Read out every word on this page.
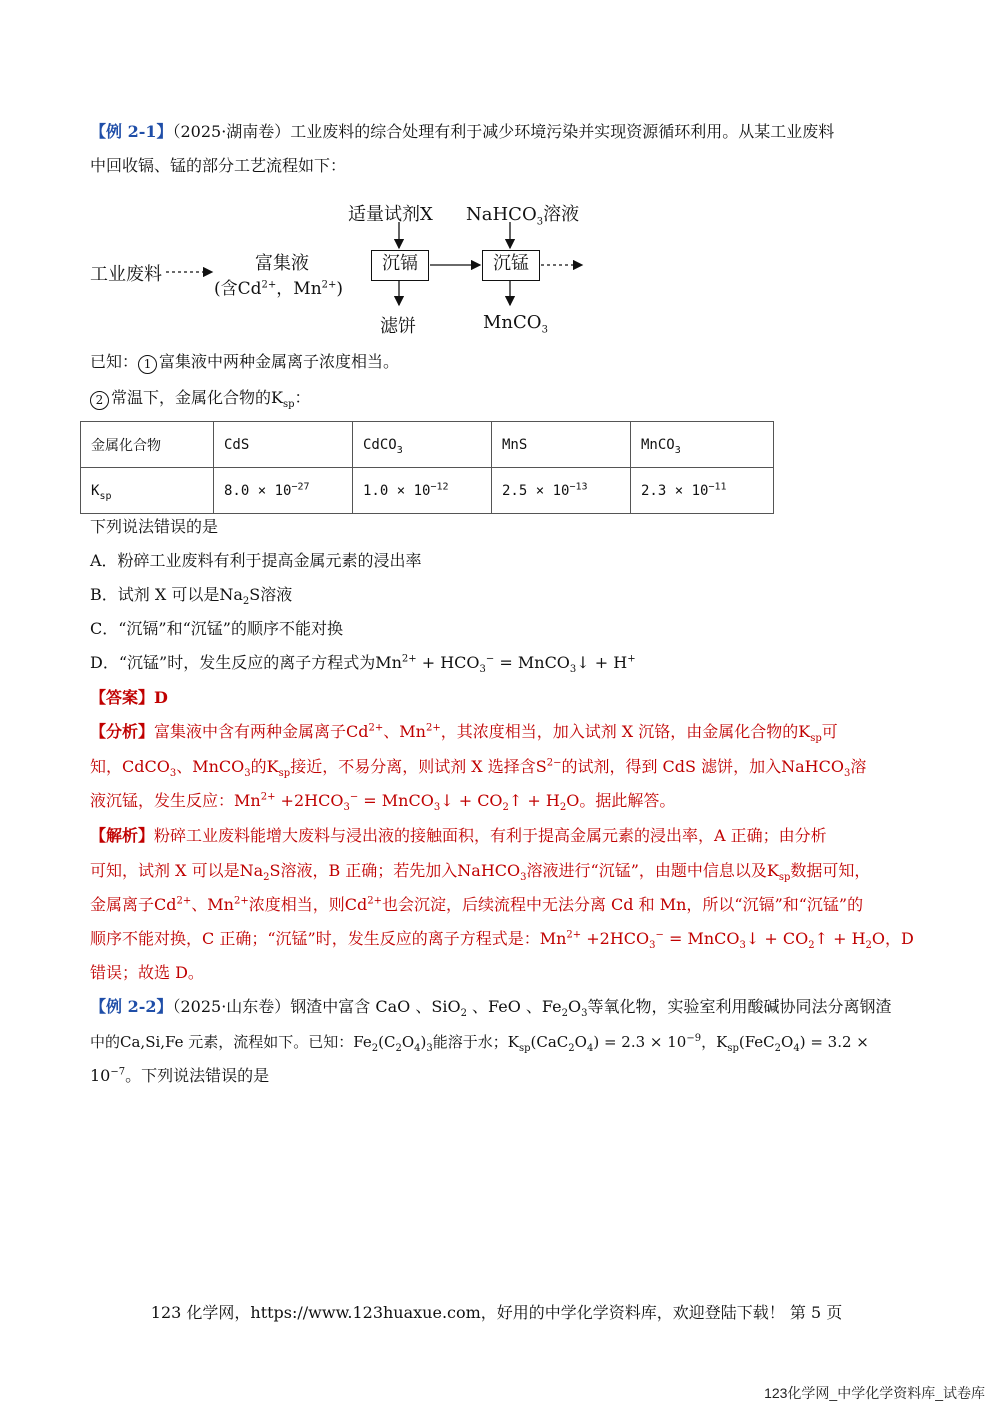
【例 2-1】（2025·湖南卷）工业废料的综合处理有利于减少环境污染并实现资源循环利用。从某工业废料
中回收镉、锰的部分工艺流程如下：
工业废料
富集液
(含$Cd^{2+}$，$Mn^{2+}$)
适量试剂X NaHCO$_3$溶液
沉镉	沉锰
滤饼	MnCO$_3$
已知： 1 富集液中两种金属离子浓度相当。
2 常温下，金属化合物的$K_{sp}$：
金属化合物	CdS	CdCO$_3$	MnS	MnCO$_3$
$K_{sp}$	$8.0 \times 10^{-27}$	$1.0 \times 10^{-12}$	$2.5 \times 10^{-13}$	$2.3 \times 10^{-11}$
下列说法错误的是
A．粉碎工业废料有利于提高金属元素的浸出率
B．试剂 X 可以是$Na_2S$溶液
C．“沉镉”和“沉锰”的顺序不能对换
D．“沉锰”时，发生反应的离子方程式为$Mn^{2+} + HCO_3^-$ = MnCO$_3$↓ + H+
【答案】D
【分析】富集液中含有两种金属离子$Cd^{2+}$、$Mn^{2+}$，其浓度相当，加入试剂 X 沉铬，由金属化合物的$K_{sp}$可
知，CdCO$_3$、MnCO$_3$的$K_{sp}$接近，不易分离，则试剂 X 选择含$S^{2-}$的试剂，得到 CdS 滤饼，加入NaHCO$_3$溶
液沉锰，发生反应：$Mn^{2+} +2HCO_3^-$ = MnCO$_3$↓ + $CO_2↑ + H_2O$。据此解答。
【解析】粉碎工业废料能增大废料与浸出液的接触面积，有利于提高金属元素的浸出率，A 正确；由分析
可知，试剂 X 可以是$Na_2S$溶液，B 正确；若先加入NaHCO$_3$溶液进行“沉锰”，由题中信息以及$K_{sp}$数据可知，
金属离子$Cd^{2+}$、$Mn^{2+}$浓度相当，则$Cd^{2+}$也会沉淀，后续流程中无法分离 Cd 和 Mn，所以“沉镉”和“沉锰”的
顺序不能对换，C 正确；“沉锰”时，发生反应的离子方程式是：$Mn^{2+} +2HCO_3^-$ = MnCO$_3$↓ + $CO_2↑ + H_2O$，D
错误；故选 D。
【例 2-2】（2025·山东卷）钢渣中富含 CaO 、SiO$_2$ 、FeO 、$Fe_2O_3$等氧化物，实验室利用酸碱协同法分离钢渣
中的Ca,Si,Fe 元素，流程如下。已知：$Fe_2(C_2O_4)_3$能溶于水；$K_{sp}(CaC_2O_4) = 2.3 \times 10^{-9}$，$K_{sp}(FeC_2O_4) = 3.2$ ×
$10^{-7}$。下列说法错误的是
123 化学网，https://www.123huaxue.com，好用的中学化学资料库，欢迎登陆下载！ 第 5 页
123化学网_中学化学资料库_试卷库
